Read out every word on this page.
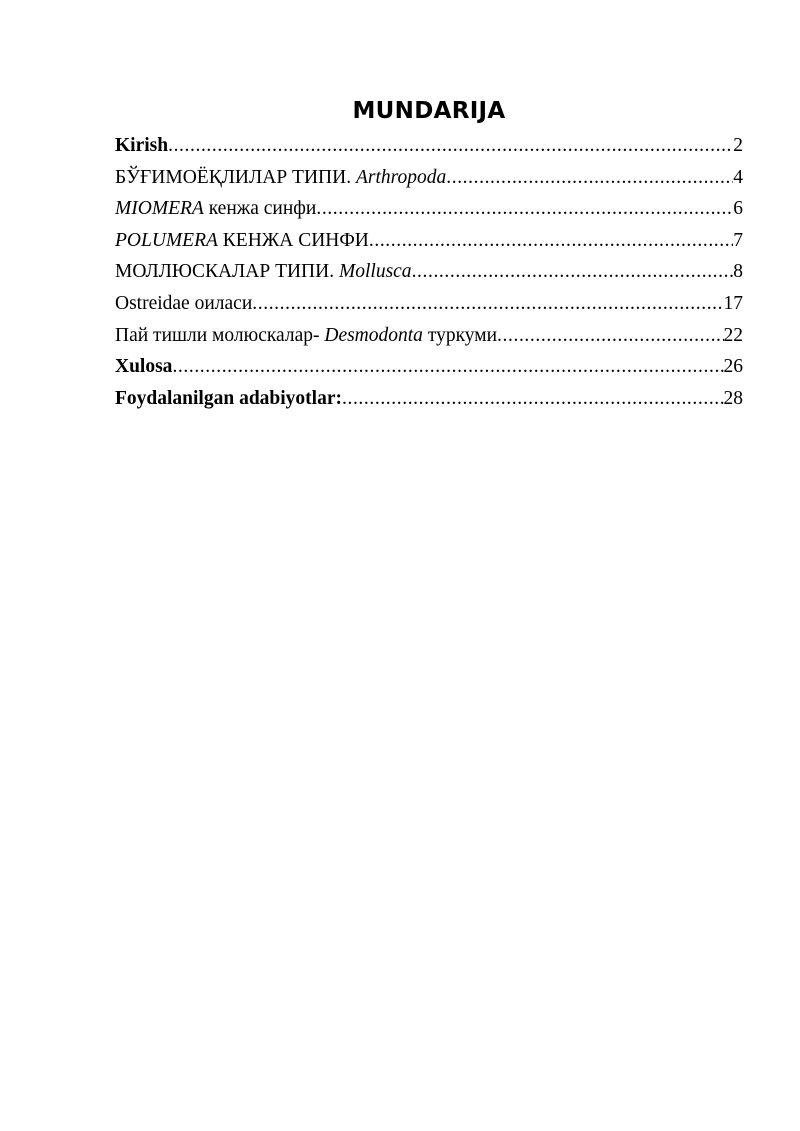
MUNDARIJA
Kirish .....	2
БЎҒИМОЁҚЛИЛАР ТИПИ. Arthropoda .....	4
MIOMERA кенжа синфи .....	6
POLUMERA КЕНЖА СИНФИ .....	7
МОЛЛЮСКАЛАР ТИПИ. Mollusca .....	8
Ostreidae оиласи .....	17
Пай тишли молюскалар- Desmodonta туркуми .....	22
Xulosa .....	26
Foydalanilgan adabiyotlar: .....	28
